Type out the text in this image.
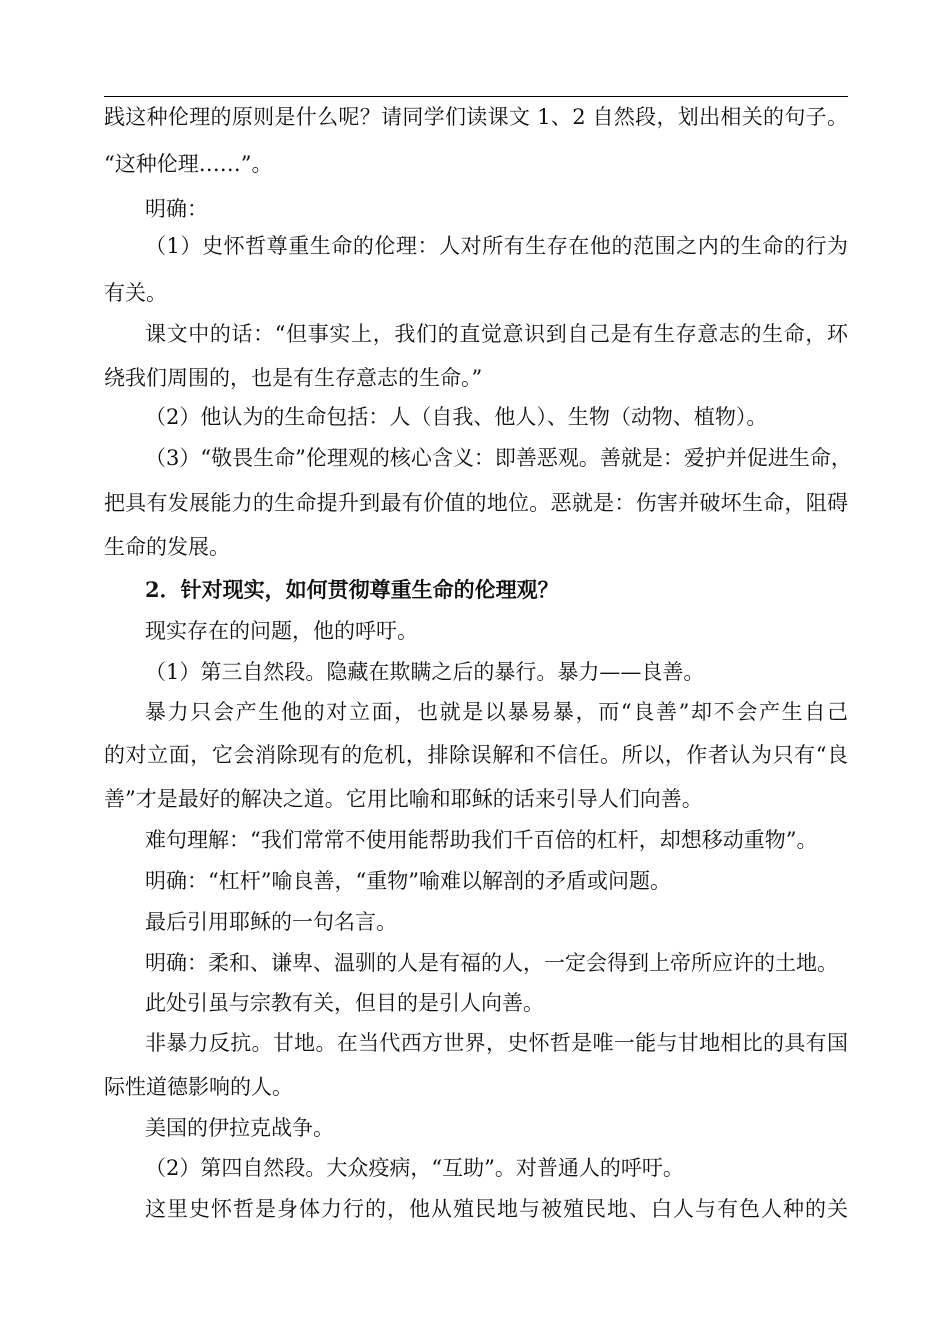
践这种伦理的原则是什么呢？请同学们读课文 1、2 自然段，划出相关的句子。
“这种伦理……”。
明确：
（1）史怀哲尊重生命的伦理：人对所有生存在他的范围之内的生命的行为
有关。
课文中的话：“但事实上，我们的直觉意识到自己是有生存意志的生命，环
绕我们周围的，也是有生存意志的生命。”
（2）他认为的生命包括：人（自我、他人）、生物（动物、植物）。
（3）“敬畏生命”伦理观的核心含义：即善恶观。善就是：爱护并促进生命，
把具有发展能力的生命提升到最有价值的地位。恶就是：伤害并破坏生命，阻碍
生命的发展。
2．针对现实，如何贯彻尊重生命的伦理观？
现实存在的问题，他的呼吁。
（1）第三自然段。隐藏在欺瞒之后的暴行。暴力——良善。
暴力只会产生他的对立面，也就是以暴易暴，而“良善”却不会产生自己
的对立面，它会消除现有的危机，排除误解和不信任。所以，作者认为只有“良
善”才是最好的解决之道。它用比喻和耶稣的话来引导人们向善。
难句理解：“我们常常不使用能帮助我们千百倍的杠杆，却想移动重物”。
明确：“杠杆”喻良善，“重物”喻难以解剖的矛盾或问题。
最后引用耶稣的一句名言。
明确：柔和、谦卑、温驯的人是有福的人，一定会得到上帝所应许的土地。
此处引虽与宗教有关，但目的是引人向善。
非暴力反抗。甘地。在当代西方世界，史怀哲是唯一能与甘地相比的具有国
际性道德影响的人。
美国的伊拉克战争。
（2）第四自然段。大众疫病，“互助”。对普通人的呼吁。
这里史怀哲是身体力行的，他从殖民地与被殖民地、白人与有色人种的关
